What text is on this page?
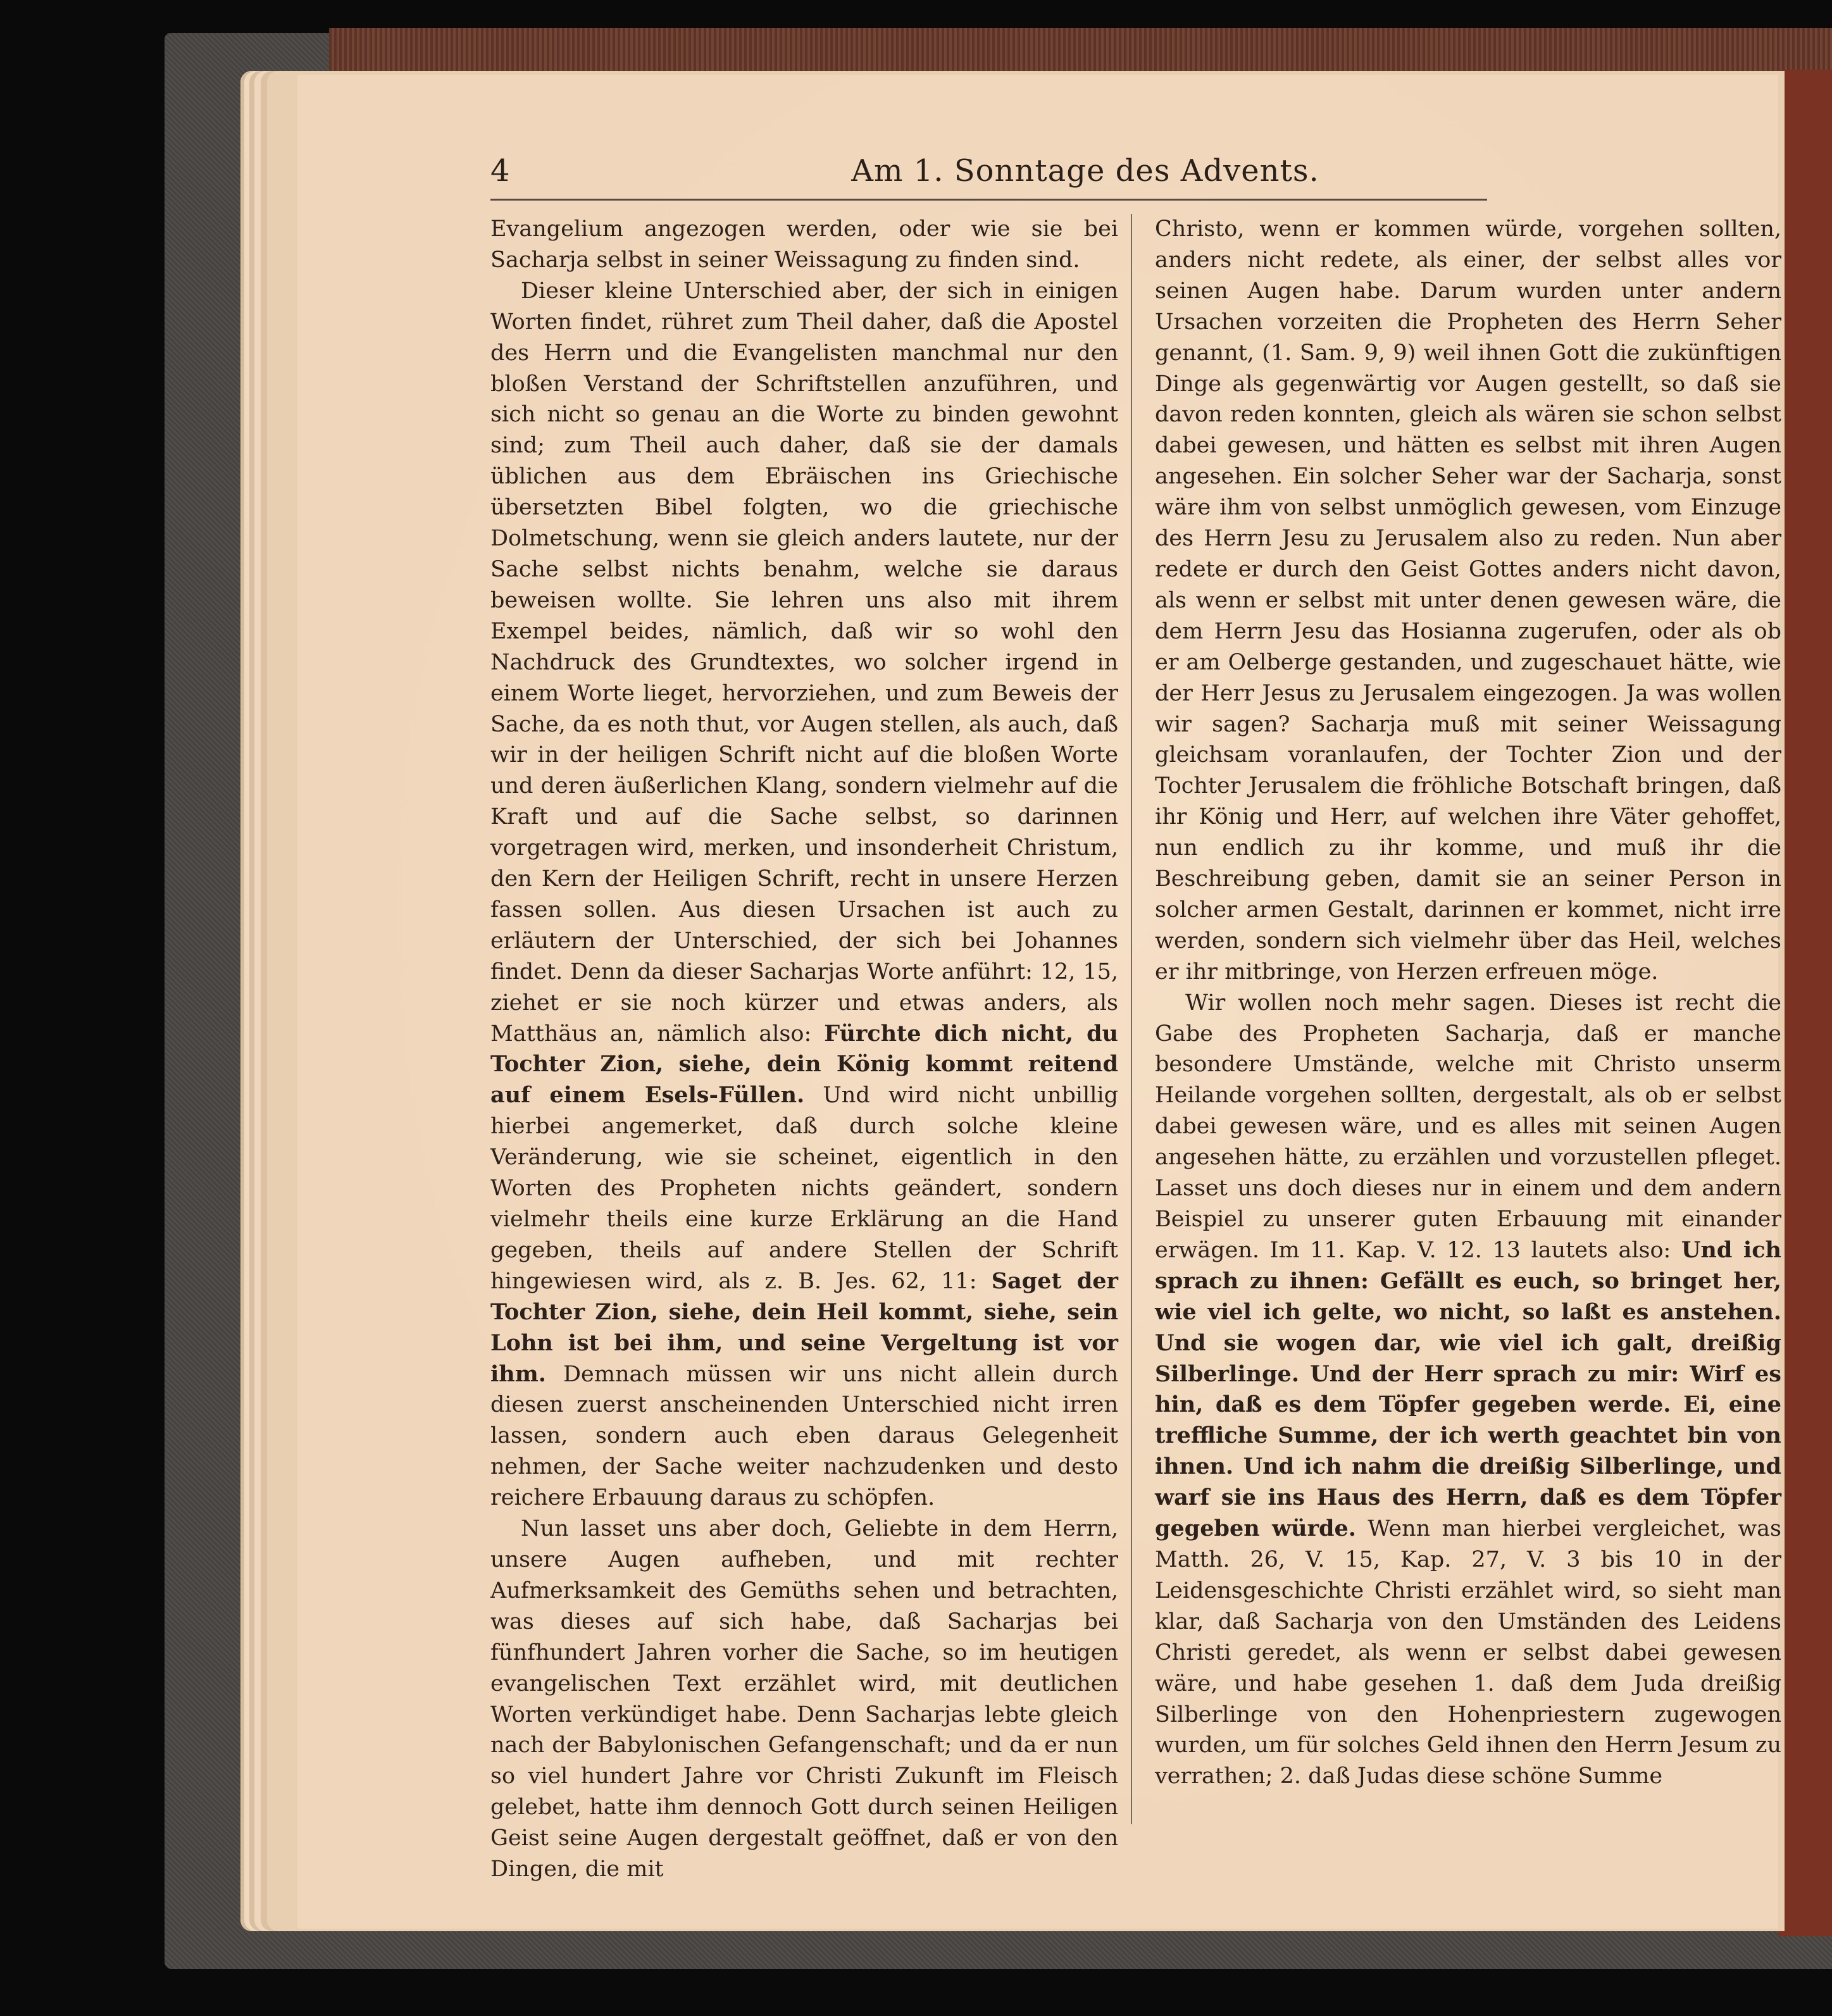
4	Am 1. Sonntage des Advents.

Evangelium angezogen werden, oder wie sie bei Sacharja selbst in seiner Weissagung zu finden sind.

Dieser kleine Unterschied aber, der sich in einigen Worten findet, rühret zum Theil daher, daß die Apostel des Herrn und die Evangelisten manchmal nur den bloßen Verstand der Schriftstellen anzuführen, und sich nicht so genau an die Worte zu binden gewohnt sind; zum Theil auch daher, daß sie der damals üblichen aus dem Ebräischen ins Griechische übersetzten Bibel folgten, wo die griechische Dolmetschung, wenn sie gleich anders lautete, nur der Sache selbst nichts benahm, welche sie daraus beweisen wollte. Sie lehren uns also mit ihrem Exempel beides, nämlich, daß wir so wohl den Nachdruck des Grundtextes, wo solcher irgend in einem Worte lieget, hervorziehen, und zum Beweis der Sache, da es noth thut, vor Augen stellen, als auch, daß wir in der heiligen Schrift nicht auf die bloßen Worte und deren äußerlichen Klang, sondern vielmehr auf die Kraft und auf die Sache selbst, so darinnen vorgetragen wird, merken, und insonderheit Christum, den Kern der Heiligen Schrift, recht in unsere Herzen fassen sollen. Aus diesen Ursachen ist auch zu erläutern der Unterschied, der sich bei Johannes findet. Denn da dieser Sacharjas Worte anführt: 12, 15, ziehet er sie noch kürzer und etwas anders, als Matthäus an, nämlich also: Fürchte dich nicht, du Tochter Zion, siehe, dein König kommt reitend auf einem Esels-Füllen. Und wird nicht unbillig hierbei angemerket, daß durch solche kleine Veränderung, wie sie scheinet, eigentlich in den Worten des Propheten nichts geändert, sondern vielmehr theils eine kurze Erklärung an die Hand gegeben, theils auf andere Stellen der Schrift hingewiesen wird, als z. B. Jes. 62, 11: Saget der Tochter Zion, siehe, dein Heil kommt, siehe, sein Lohn ist bei ihm, und seine Vergeltung ist vor ihm. Demnach müssen wir uns nicht allein durch diesen zuerst anscheinenden Unterschied nicht irren lassen, sondern auch eben daraus Gelegenheit nehmen, der Sache weiter nachzudenken und desto reichere Erbauung daraus zu schöpfen.

Nun lasset uns aber doch, Geliebte in dem Herrn, unsere Augen aufheben, und mit rechter Aufmerksamkeit des Gemüths sehen und betrachten, was dieses auf sich habe, daß Sacharjas bei fünfhundert Jahren vorher die Sache, so im heutigen evangelischen Text erzählet wird, mit deutlichen Worten verkündiget habe. Denn Sacharjas lebte gleich nach der Babylonischen Gefangenschaft; und da er nun so viel hundert Jahre vor Christi Zukunft im Fleisch gelebet, hatte ihm dennoch Gott durch seinen Heiligen Geist seine Augen dergestalt geöffnet, daß er von den Dingen, die mit

Christo, wenn er kommen würde, vorgehen sollten, anders nicht redete, als einer, der selbst alles vor seinen Augen habe. Darum wurden unter andern Ursachen vorzeiten die Propheten des Herrn Seher genannt, (1. Sam. 9, 9) weil ihnen Gott die zukünftigen Dinge als gegenwärtig vor Augen gestellt, so daß sie davon reden konnten, gleich als wären sie schon selbst dabei gewesen, und hätten es selbst mit ihren Augen angesehen. Ein solcher Seher war der Sacharja, sonst wäre ihm von selbst unmöglich gewesen, vom Einzuge des Herrn Jesu zu Jerusalem also zu reden. Nun aber redete er durch den Geist Gottes anders nicht davon, als wenn er selbst mit unter denen gewesen wäre, die dem Herrn Jesu das Hosianna zugerufen, oder als ob er am Oelberge gestanden, und zugeschauet hätte, wie der Herr Jesus zu Jerusalem eingezogen. Ja was wollen wir sagen? Sacharja muß mit seiner Weissagung gleichsam voranlaufen, der Tochter Zion und der Tochter Jerusalem die fröhliche Botschaft bringen, daß ihr König und Herr, auf welchen ihre Väter gehoffet, nun endlich zu ihr komme, und muß ihr die Beschreibung geben, damit sie an seiner Person in solcher armen Gestalt, darinnen er kommet, nicht irre werden, sondern sich vielmehr über das Heil, welches er ihr mitbringe, von Herzen erfreuen möge.

Wir wollen noch mehr sagen. Dieses ist recht die Gabe des Propheten Sacharja, daß er manche besondere Umstände, welche mit Christo unserm Heilande vorgehen sollten, dergestalt, als ob er selbst dabei gewesen wäre, und es alles mit seinen Augen angesehen hätte, zu erzählen und vorzustellen pfleget. Lasset uns doch dieses nur in einem und dem andern Beispiel zu unserer guten Erbauung mit einander erwägen. Im 11. Kap. V. 12. 13 lautets also: Und ich sprach zu ihnen: Gefällt es euch, so bringet her, wie viel ich gelte, wo nicht, so laßt es anstehen. Und sie wogen dar, wie viel ich galt, dreißig Silberlinge. Und der Herr sprach zu mir: Wirf es hin, daß es dem Töpfer gegeben werde. Ei, eine treffliche Summe, der ich werth geachtet bin von ihnen. Und ich nahm die dreißig Silberlinge, und warf sie ins Haus des Herrn, daß es dem Töpfer gegeben würde. Wenn man hierbei vergleichet, was Matth. 26, V. 15, Kap. 27, V. 3 bis 10 in der Leidensgeschichte Christi erzählet wird, so sieht man klar, daß Sacharja von den Umständen des Leidens Christi geredet, als wenn er selbst dabei gewesen wäre, und habe gesehen 1. daß dem Juda dreißig Silberlinge von den Hohenpriestern zugewogen wurden, um für solches Geld ihnen den Herrn Jesum zu verrathen; 2. daß Judas diese schöne Summe
